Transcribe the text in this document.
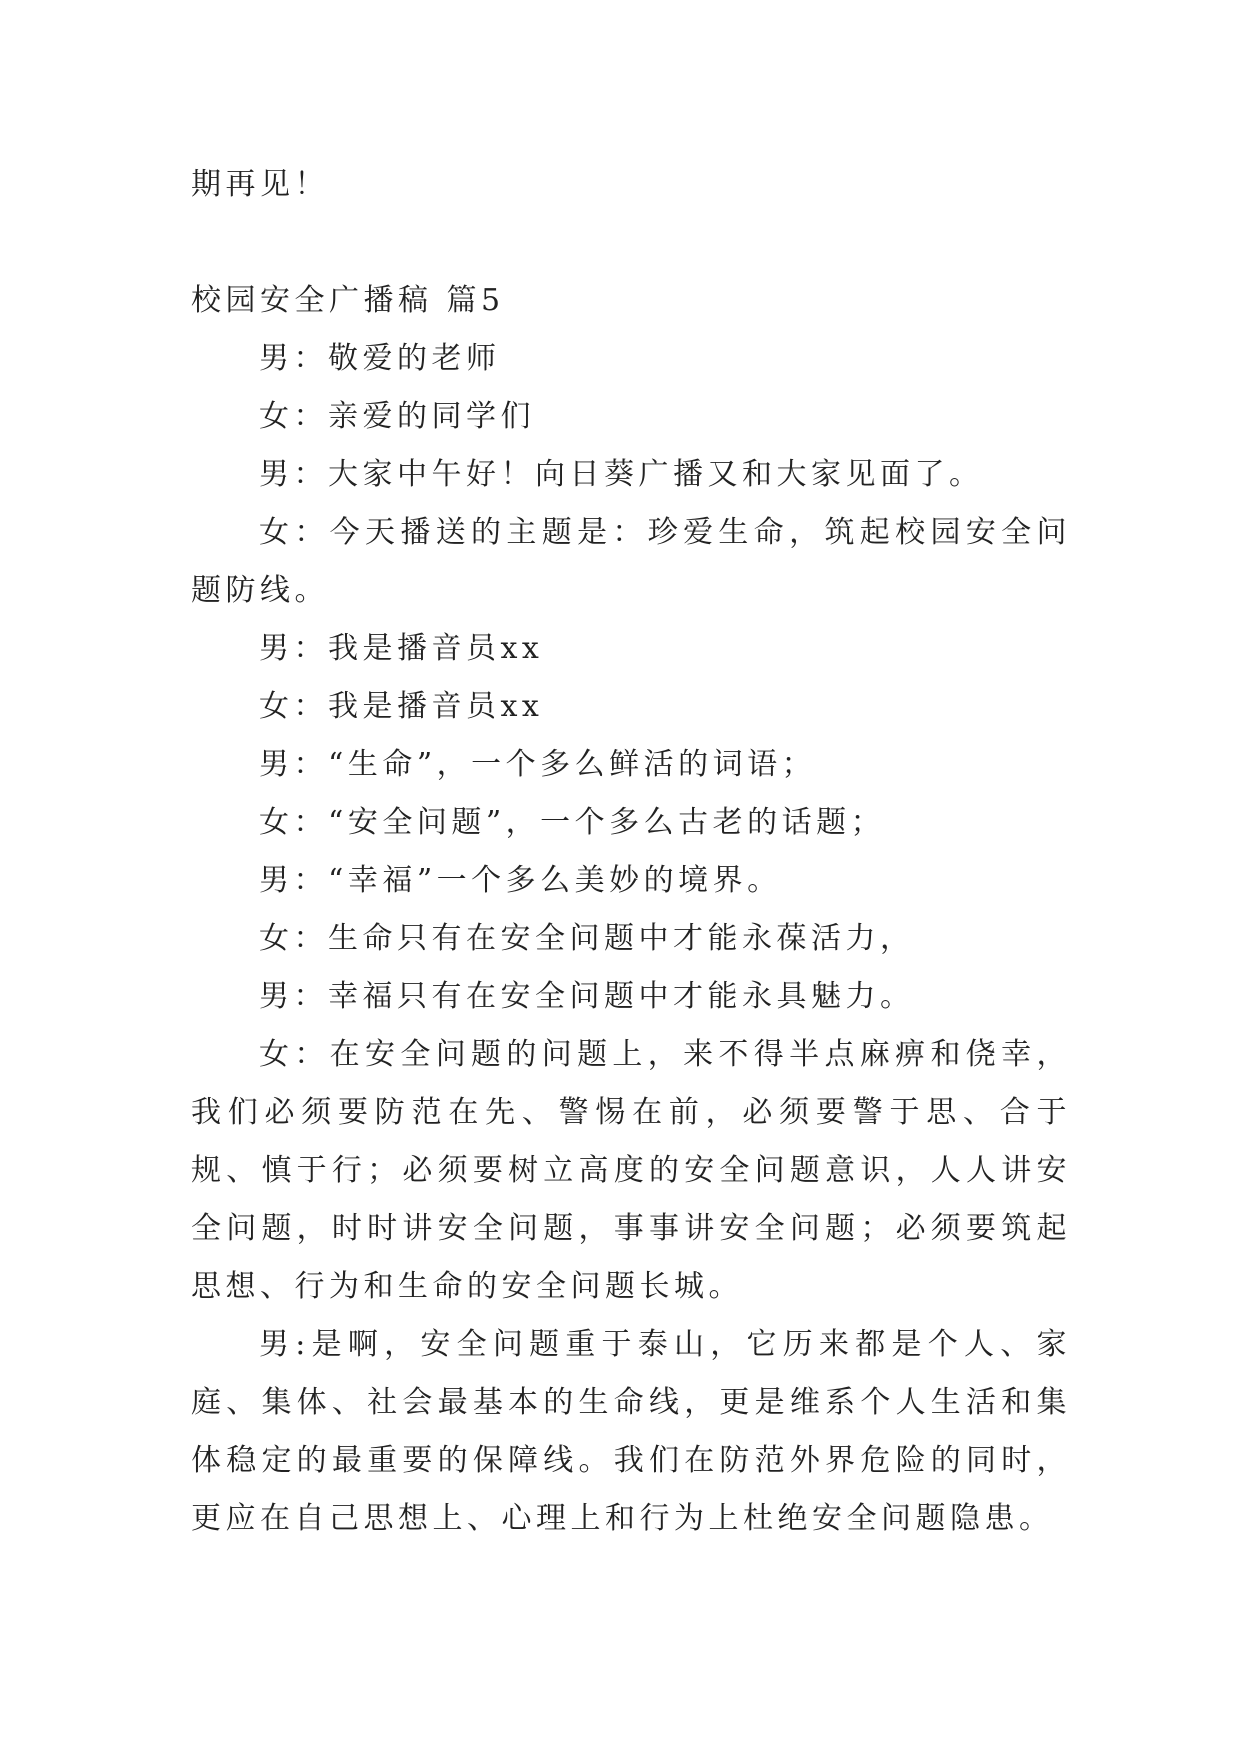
期再见！

校园安全广播稿 篇5

男：敬爱的老师

女：亲爱的同学们

男：大家中午好！向日葵广播又和大家见面了。

女：今天播送的主题是：珍爱生命，筑起校园安全问题防线。

男：我是播音员xx

女：我是播音员xx

男：“生命”，一个多么鲜活的词语；

女：“安全问题”，一个多么古老的话题；

男：“幸福”一个多么美妙的境界。

女：生命只有在安全问题中才能永葆活力，

男：幸福只有在安全问题中才能永具魅力。

女：在安全问题的问题上，来不得半点麻痹和侥幸，我们必须要防范在先、警惕在前，必须要警于思、合于规、慎于行；必须要树立高度的安全问题意识，人人讲安全问题，时时讲安全问题，事事讲安全问题；必须要筑起思想、行为和生命的安全问题长城。

男:是啊，安全问题重于泰山，它历来都是个人、家庭、集体、社会最基本的生命线，更是维系个人生活和集体稳定的最重要的保障线。我们在防范外界危险的同时，更应在自己思想上、心理上和行为上杜绝安全问题隐患。
